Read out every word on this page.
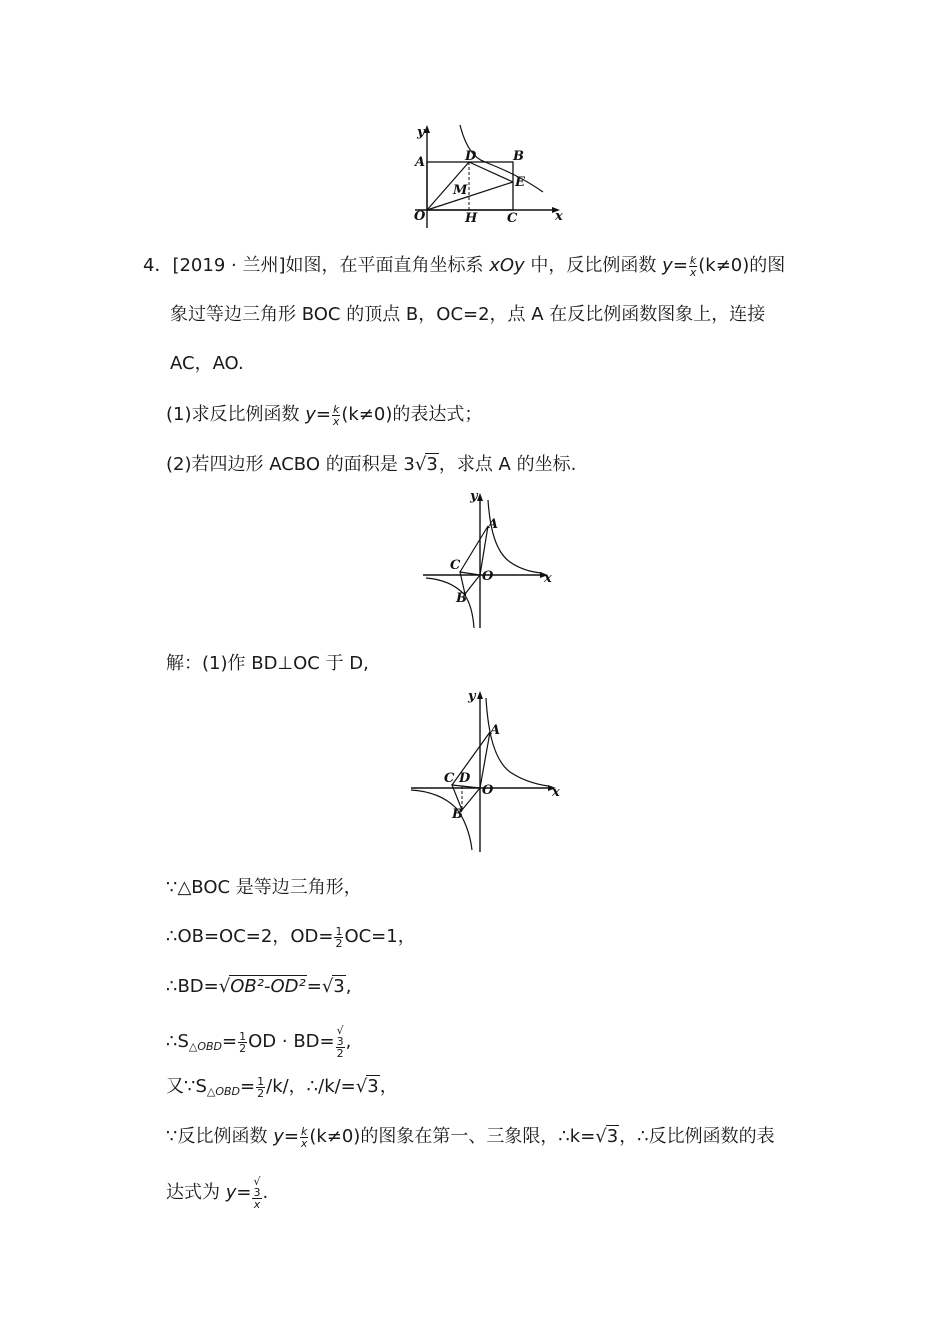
y
x
A	D	B
M
E
O	H C
4．[2019 · 兰州]如图，在平面直角坐标系 xOy 中，反比例函数 $y= \frac{k}{x} (k\ne 0)$的图
象过等边三角形 BOC 的顶点 B，OC=2，点 A 在反比例函数图象上，连接
AC，AO.
(1)求反比例函数 $y= \frac{k}{x} (k\ne 0)$的表达式；
(2)若四边形 ACBO 的面积是 3√3，求点 A 的坐标.
y
x
A
C
O
B
解：(1)作 BD⊥OC 于 D,
y
x
A
C D
O
B
∵△BOC 是等边三角形，
∴OB=OC=2，$OD= \frac{1}{2} OC=1$，
∴BD=√OB²-OD²=√3,
$\therefore S_{\triangle OBD}= \frac{1}{2}$ OD · BD= √
3
2 ,
又$\because S_{\triangle OBD}= \frac{1}{2} /k/$，∴/k/=√3，
∵反比例函数 $y= \frac{k}{x} (k\ne 0)$的图象在第一、三象限，∴k=√3，∴反比例函数的表
达式为 y= √
3
x .
